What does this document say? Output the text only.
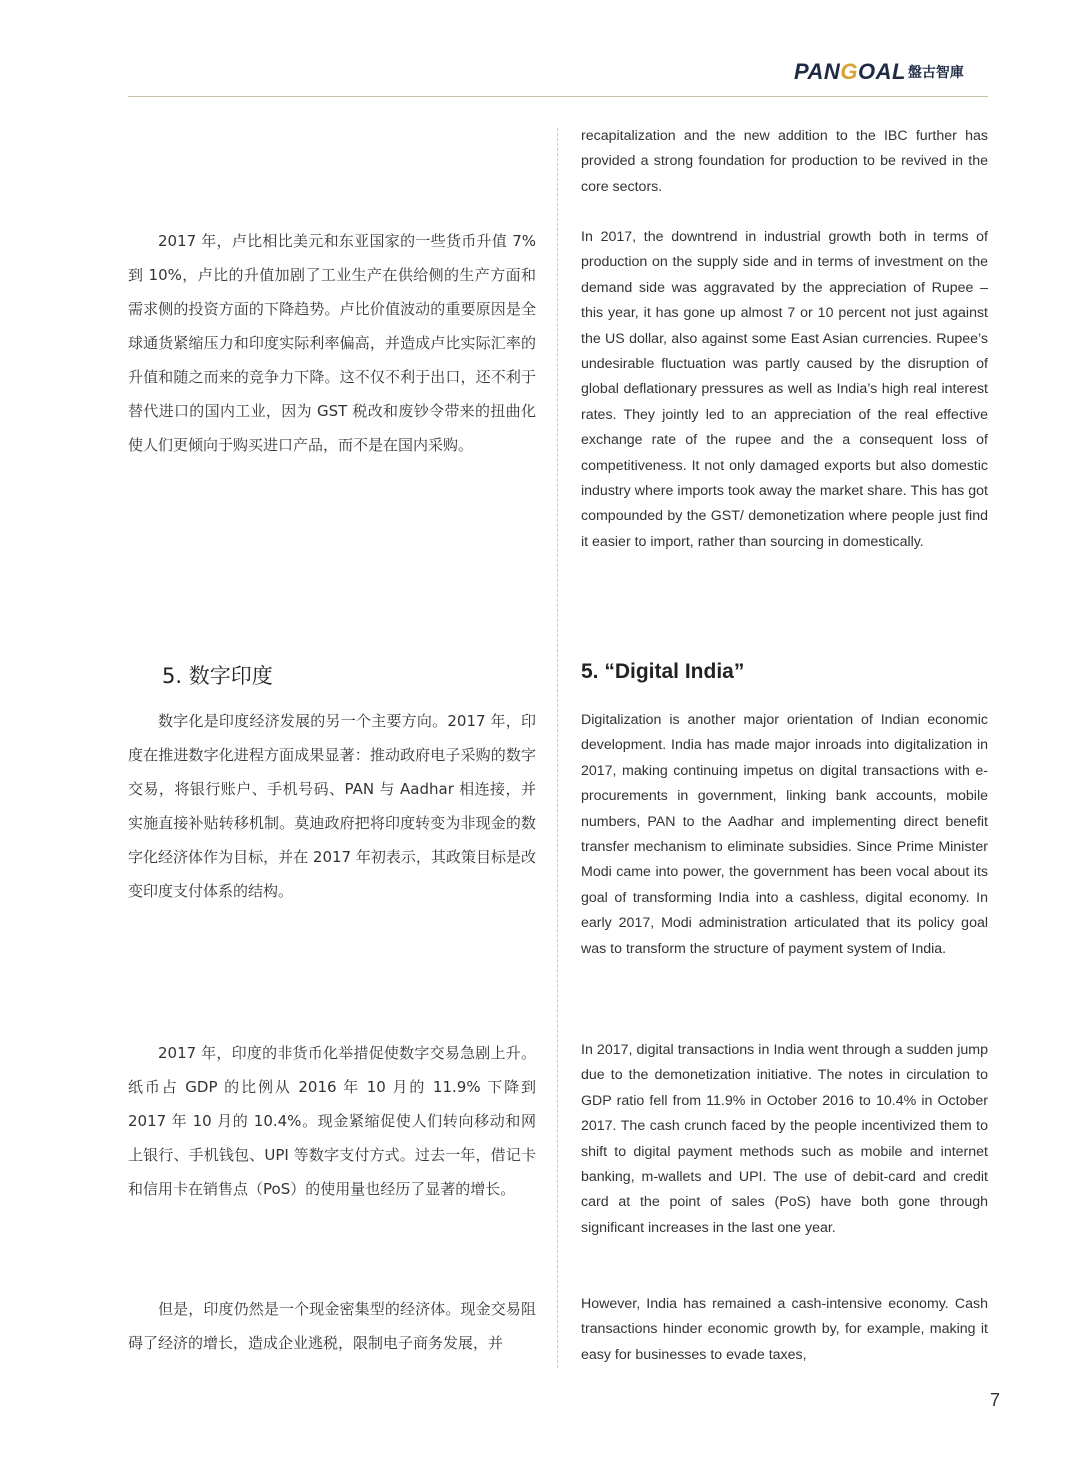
PAN G OAL 盤古智庫

2017 年，卢比相比美元和东亚国家的一些货币升值 7% 到 10%，卢比的升值加剧了工业生产在供给侧的生产方面和需求侧的投资方面的下降趋势。卢比价值波动的重要原因是全球通货紧缩压力和印度实际利率偏高，并造成卢比实际汇率的升值和随之而来的竞争力下降。这不仅不利于出口，还不利于替代进口的国内工业，因为 GST 税改和废钞令带来的扭曲化使人们更倾向于购买进口产品，而不是在国内采购。

5. 数字印度

数字化是印度经济发展的另一个主要方向。2017 年，印度在推进数字化进程方面成果显著：推动政府电子采购的数字交易，将银行账户、手机号码、PAN 与 Aadhar 相连接，并实施直接补贴转移机制。莫迪政府把将印度转变为非现金的数字化经济体作为目标，并在 2017 年初表示，其政策目标是改变印度支付体系的结构。

2017 年，印度的非货币化举措促使数字交易急剧上升。纸币占 GDP 的比例从 2016 年 10 月的 11.9% 下降到 2017 年 10 月的 10.4%。现金紧缩促使人们转向移动和网上银行、手机钱包、UPI 等数字支付方式。过去一年，借记卡和信用卡在销售点（PoS）的使用量也经历了显著的增长。

但是，印度仍然是一个现金密集型的经济体。现金交易阻碍了经济的增长，造成企业逃税，限制电子商务发展，并

recapitalization and the new addition to the IBC further has provided a strong foundation for production to be revived in the core sectors.

In 2017, the downtrend in industrial growth both in terms of production on the supply side and in terms of investment on the demand side was aggravated by the appreciation of Rupee – this year, it has gone up almost 7 or 10 percent not just against the US dollar, also against some East Asian currencies. Rupee’s undesirable fluctuation was partly caused by the disruption of global deflationary pressures as well as India’s high real interest rates. They jointly led to an appreciation of the real effective exchange rate of the rupee and the a consequent loss of competitiveness. It not only damaged exports but also domestic industry where imports took away the market share. This has got compounded by the GST/ demonetization where people just find it easier to import, rather than sourcing in domestically.

5. “Digital India”

Digitalization is another major orientation of Indian economic development. India has made major inroads into digitalization in 2017, making continuing impetus on digital transactions with e-procurements in government, linking bank accounts, mobile numbers, PAN to the Aadhar and implementing direct benefit transfer mechanism to eliminate subsidies. Since Prime Minister Modi came into power, the government has been vocal about its goal of transforming India into a cashless, digital economy. In early 2017, Modi administration articulated that its policy goal was to transform the structure of payment system of India.

In 2017, digital transactions in India went through a sudden jump due to the demonetization initiative. The notes in circulation to GDP ratio fell from 11.9% in October 2016 to 10.4% in October 2017. The cash crunch faced by the people incentivized them to shift to digital payment methods such as mobile and internet banking, m-wallets and UPI. The use of debit-card and credit card at the point of sales (PoS) have both gone through significant increases in the last one year.

However, India has remained a cash-intensive economy. Cash transactions hinder economic growth by, for example, making it easy for businesses to evade taxes,

7
